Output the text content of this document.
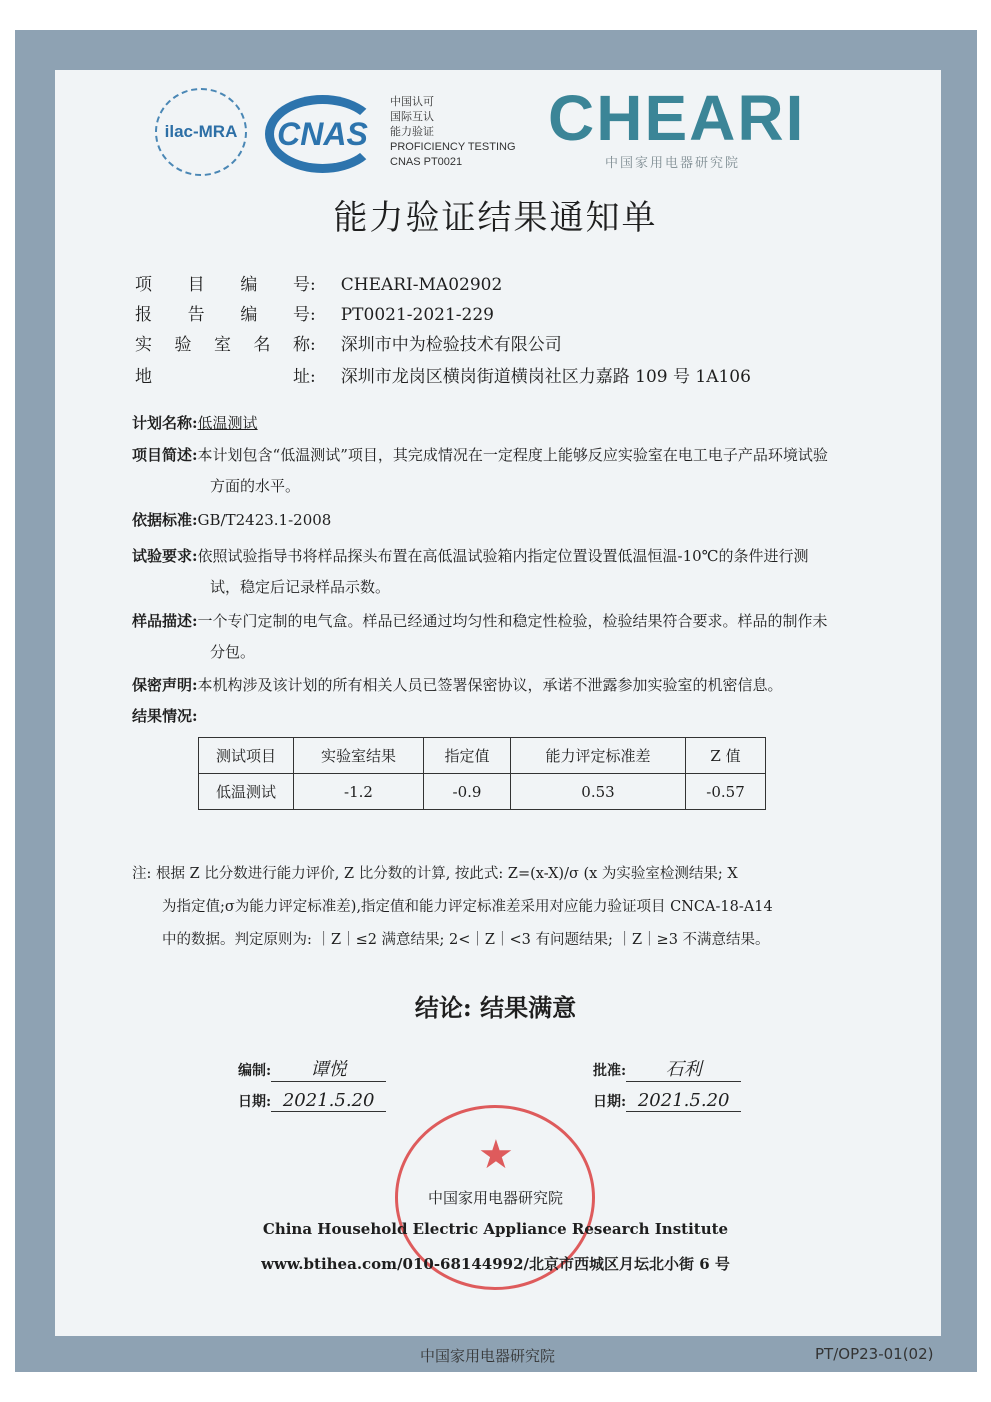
ilac-MRA	CNAS
中国认可
国际互认
能力验证
PROFICIENCY TESTING
CNAS PT0021
CHEARI
中国家用电器研究院
能力验证结果通知单
项目编号: CHEARI-MA02902
报告编号: PT0021-2021-229
实验室名称: 深圳市中为检验技术有限公司
地址: 深圳市龙岗区横岗街道横岗社区力嘉路 109 号 1A106
计划名称:低温测试
项目简述:本计划包含“低温测试”项目，其完成情况在一定程度上能够反应实验室在电工电子产品环境试验方面的水平。
依据标准:GB/T2423.1-2008
试验要求:依照试验指导书将样品探头布置在高低温试验箱内指定位置设置低温恒温-10℃的条件进行测试，稳定后记录样品示数。
样品描述:一个专门定制的电气盒。样品已经通过均匀性和稳定性检验，检验结果符合要求。样品的制作未分包。
保密声明:本机构涉及该计划的所有相关人员已签署保密协议，承诺不泄露参加实验室的机密信息。
结果情况:
测试项目	实验室结果	指定值	能力评定标准差	Z 值
低温测试	-1.2	-0.9	0.53	-0.57
注: 根据 Z 比分数进行能力评价, Z 比分数的计算, 按此式: Z=(x-X)/σ (x 为实验室检测结果; X
为指定值;σ为能力评定标准差),指定值和能力评定标准差采用对应能力验证项目 CNCA-18-A14
中的数据。判定原则为: ｜Z｜≤2 满意结果; 2<｜Z｜<3 有问题结果; ｜Z｜≥3 不满意结果。
结论: 结果满意
★
编制: 谭悦
日期: 2021.5.20
批准: 石利
日期: 2021.5.20
中国家用电器研究院
China Household Electric Appliance Research Institute
www.btihea.com/010-68144992/北京市西城区月坛北小街 6 号
中国家用电器研究院	PT/OP23-01(02)
